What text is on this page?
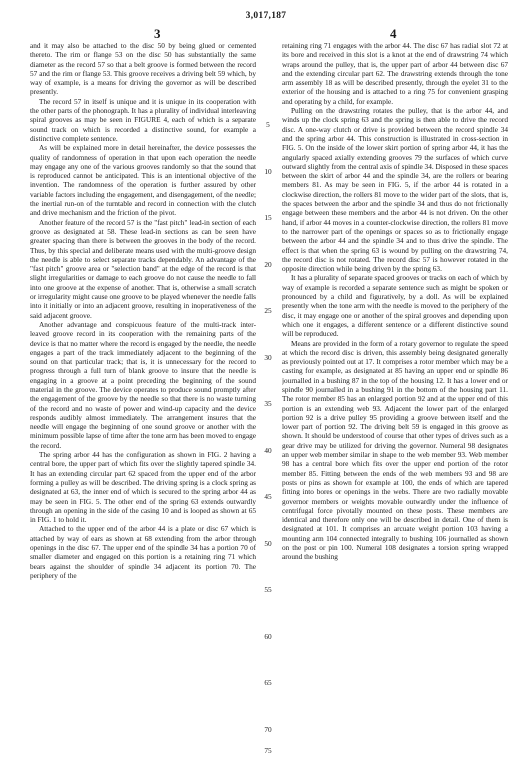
3,017,187
3	4

and it may also be attached to the disc 50 by being glued or cemented thereto. The rim or flange 53 on the disc 50 has substantially the same diameter as the record 57 so that a belt groove is formed between the record 57 and the rim or flange 53. This groove receives a driving belt 59 which, by way of example, is a means for driving the governor as will be described presently.

The record 57 in itself is unique and it is unique in its cooperation with the other parts of the phonograph. It has a plurality of individual interleaving spiral grooves as may be seen in FIGURE 4, each of which is a separate sound track on which is recorded a distinctive sound, for example a distinctive complete sentence.

As will be explained more in detail hereinafter, the device possesses the quality of randomness of operation in that upon each operation the needle may engage any one of the various grooves randomly so that the sound that is reproduced cannot be anticipated. This is an intentional objective of the invention. The randomness of the operation is further assured by other variable factors including the engagement, and disengagement, of the needle; the inertial run-on of the turntable and record in connection with the clutch and drive mechanism and the friction of the pivot.

Another feature of the record 57 is the "fast pitch" lead-in section of each groove as designated at 58. These lead-in sections as can be seen have greater spacing than there is between the grooves in the body of the record. Thus, by this special and deliberate means used with the multi-groove design the needle is able to select separate tracks dependably. An advantage of the "fast pitch" groove area or "selection band" at the edge of the record is that slight irregularities or damage to each groove do not cause the needle to fall into one groove at the expense of another. That is, otherwise a small scratch or irregularity might cause one groove to be played whenever the needle falls into it initially or into an adjacent groove, resulting in inoperativeness of the said adjacent groove.

Another advantage and conspicuous feature of the multi-track inter-leaved groove record in its cooperation with the remaining parts of the device is that no matter where the record is engaged by the needle, the needle engages a part of the track immediately adjacent to the beginning of the sound on that particular track; that is, it is unnecessary for the record to progress through a full turn of blank groove to insure that the needle is engaging in a groove at a point preceding the beginning of the sound material in the groove. The device operates to produce sound promptly after the engagement of the groove by the needle so that there is no waste turning of the record and no waste of power and wind-up capacity and the device responds audibly almost immediately. The arrangement insures that the needle will engage the beginning of one sound groove or another with the minimum possible lapse of time after the tone arm has been moved to engage the record.

The spring arbor 44 has the configuration as shown in FIG. 2 having a central bore, the upper part of which fits over the slightly tapered spindle 34. It has an extending circular part 62 spaced from the upper end of the arbor forming a pulley as will be described. The driving spring is a clock spring as designated at 63, the inner end of which is secured to the spring arbor 44 as may be seen in FIG. 5. The other end of the spring 63 extends outwardly through an opening in the side of the casing 10 and is looped as shown at 65 in FIG. 1 to hold it.

Attached to the upper end of the arbor 44 is a plate or disc 67 which is attached by way of ears as shown at 68 extending from the arbor through openings in the disc 67. The upper end of the spindle 34 has a portion 70 of smaller diameter and engaged on this portion is a retaining ring 71 which bears against the shoulder of spindle 34 adjacent its portion 70. The periphery of the

5
10
15
20
25
30
35
40
45
50
55
60
65
70
75

retaining ring 71 engages with the arbor 44. The disc 67 has radial slot 72 at its bore and received in this slot is a knot at the end of drawstring 74 which wraps around the pulley, that is, the upper part of arbor 44 between disc 67 and the extending circular part 62. The drawstring extends through the tone arm assembly 18 as will be described presently, through the eyelet 31 to the exterior of the housing and is attached to a ring 75 for convenient grasping and operating by a child, for example.

Pulling on the drawstring rotates the pulley, that is the arbor 44, and winds up the clock spring 63 and the spring is then able to drive the record disc. A one-way clutch or drive is provided between the record spindle 34 and the spring arbor 44. This construction is illustrated in cross-section in FIG. 5. On the inside of the lower skirt portion of spring arbor 44, it has the angularly spaced axially extending grooves 79 the surfaces of which curve outward slightly from the central axis of spindle 34. Disposed in these spaces between the skirt of arbor 44 and the spindle 34, are the rollers or bearing members 81. As may be seen in FIG. 5, if the arbor 44 is rotated in a clockwise direction, the rollers 81 move to the wider part of the slots, that is, the spaces between the arbor and the spindle 34 and thus do not frictionally engage between these members and the arbor 44 is not driven. On the other hand, if arbor 44 moves in a counter-clockwise direction, the rollers 81 move to the narrower part of the openings or spaces so as to frictionally engage between the arbor 44 and the spindle 34 and to thus drive the spindle. The effect is that when the spring 63 is wound by pulling on the drawstring 74, the record disc is not rotated. The record disc 57 is however rotated in the opposite direction while being driven by the spring 63.

It has a plurality of separate spaced grooves or tracks on each of which by way of example is recorded a separate sentence such as might be spoken or pronounced by a child and figuratively, by a doll. As will be explained presently when the tone arm with the needle is moved to the periphery of the disc, it may engage one or another of the spiral grooves and depending upon which one it engages, a different sentence or a different distinctive sound will be reproduced.

Means are provided in the form of a rotary governor to regulate the speed at which the record disc is driven, this assembly being designated generally as previously pointed out at 17. It comprises a rotor member which may be a casting for example, as designated at 85 having an upper end or spindle 86 journalled in a bushing 87 in the top of the housing 12. It has a lower end or spindle 90 journalled in a bushing 91 in the bottom of the housing part 11. The rotor member 85 has an enlarged portion 92 and at the upper end of this portion is an extending web 93. Adjacent the lower part of the enlarged portion 92 is a drive pulley 95 providing a groove between itself and the lower part of portion 92. The driving belt 59 is engaged in this groove as shown. It should be understood of course that other types of drives such as a gear drive may be utilized for driving the governor. Numeral 98 designates an upper web member similar in shape to the web member 93. Web member 98 has a central bore which fits over the upper end portion of the rotor member 85. Fitting between the ends of the web members 93 and 98 are posts or pins as shown for example at 100, the ends of which are tapered fitting into bores or openings in the webs. There are two radially movable governor members or weights movable outwardly under the influence of centrifugal force pivotally mounted on these posts. These members are identical and therefore only one will be described in detail. One of them is designated at 101. It comprises an arcuate weight portion 103 having a mounting arm 104 connected integrally to bushing 106 journalled as shown on the post or pin 100. Numeral 108 designates a torsion spring wrapped around the bushing
